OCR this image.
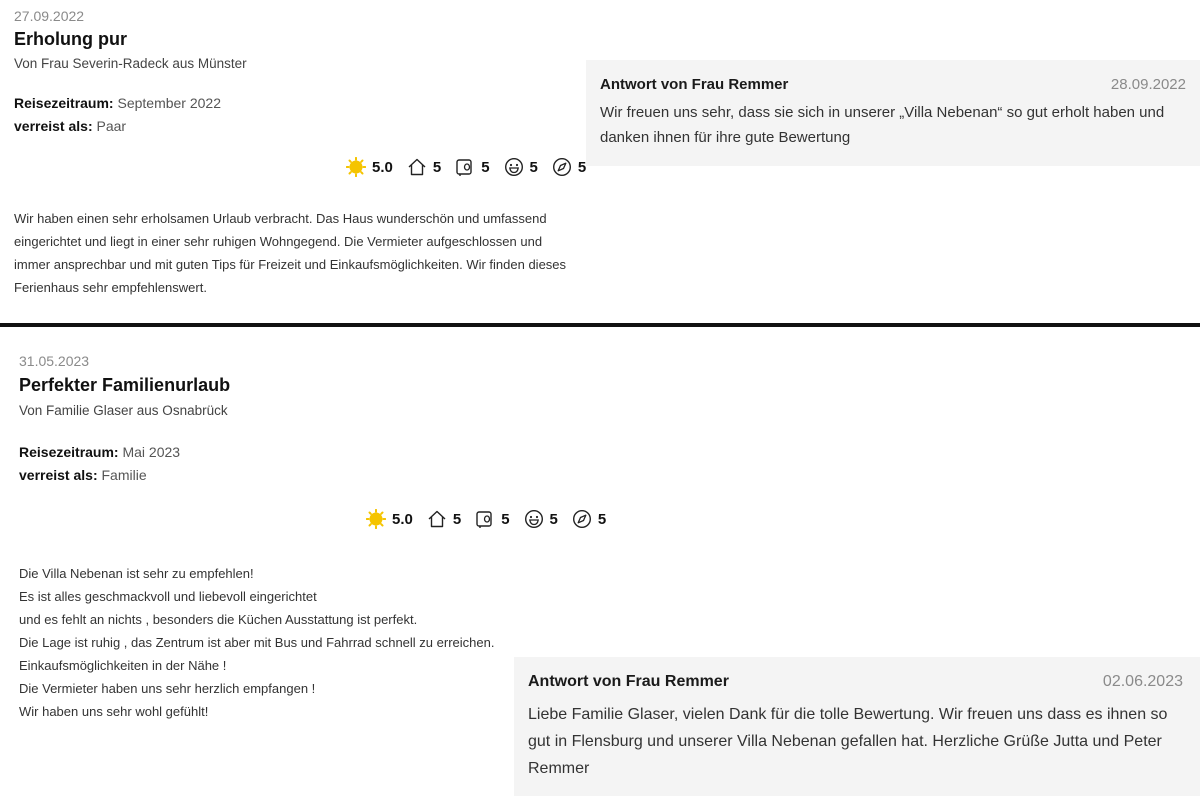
27.09.2022
Erholung pur
Von Frau Severin-Radeck aus Münster
Reisezeitraum: September 2022
verreist als: Paar
5.0	5	5	5	5
Wir haben einen sehr erholsamen Urlaub verbracht. Das Haus wunderschön und umfassend eingerichtet und liegt in einer sehr ruhigen Wohngegend. Die Vermieter aufgeschlossen und immer ansprechbar und mit guten Tips für Freizeit und Einkaufsmöglichkeiten. Wir finden dieses Ferienhaus sehr empfehlenswert.
Antwort von Frau Remmer	28.09.2022
Wir freuen uns sehr, dass sie sich in unserer „Villa Nebenan“ so gut erholt haben und danken ihnen für ihre gute Bewertung
31.05.2023
Perfekter Familienurlaub
Von Familie Glaser aus Osnabrück
Reisezeitraum: Mai 2023
verreist als: Familie
5.0	5	5	5	5
Die Villa Nebenan ist sehr zu empfehlen!
Es ist alles geschmackvoll und liebevoll eingerichtet
und es fehlt an nichts , besonders die Küchen Ausstattung ist perfekt.
Die Lage ist ruhig , das Zentrum ist aber mit Bus und Fahrrad schnell zu erreichen.
Einkaufsmöglichkeiten in der Nähe !
Die Vermieter haben uns sehr herzlich empfangen !
Wir haben uns sehr wohl gefühlt!
Antwort von Frau Remmer	02.06.2023
Liebe Familie Glaser, vielen Dank für die tolle Bewertung. Wir freuen uns dass es ihnen so gut in Flensburg und unserer Villa Nebenan gefallen hat. Herzliche Grüße Jutta und Peter Remmer
